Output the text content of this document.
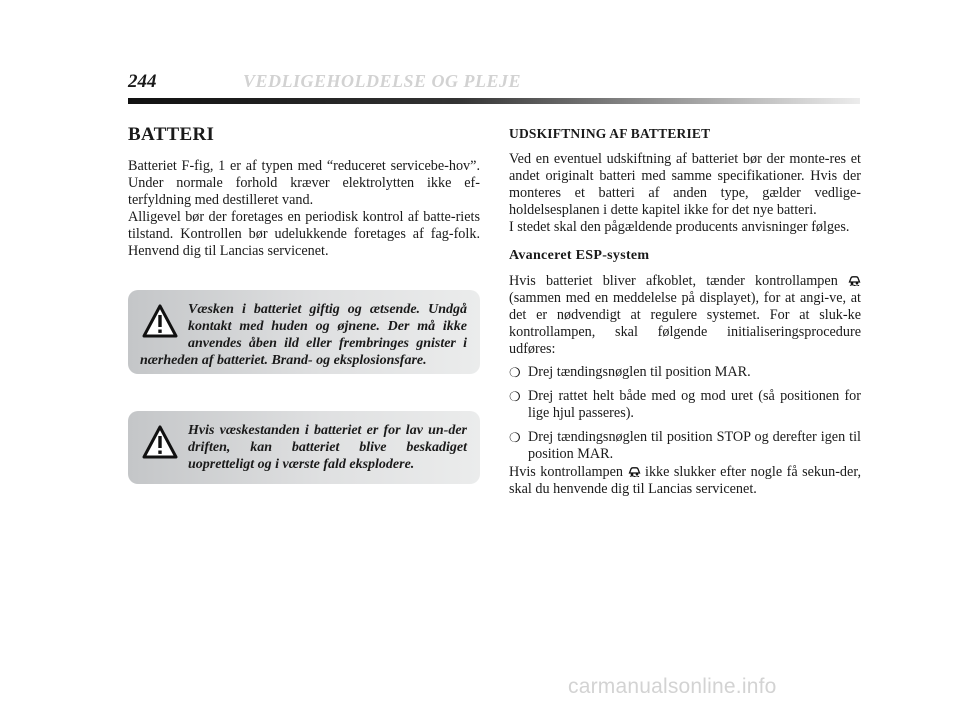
244	VEDLIGEHOLDELSE OG PLEJE
BATTERI

Batteriet F-fig, 1 er af typen med “reduceret servicebe-hov”. Under normale forhold kræver elektrolytten ikke ef-terfyldning med destilleret vand.

Alligevel bør der foretages en periodisk kontrol af batte-riets tilstand. Kontrollen bør udelukkende foretages af fag-folk. Henvend dig til Lancias servicenet.

Væsken i batteriet giftig og ætsende. Undgå kontakt med huden og øjnene. Der må ikke anvendes åben ild eller frembringes gnister i nærheden af batteriet. Brand- og eksplosionsfare.
Hvis væskestanden i batteriet er for lav un-der driften, kan batteriet blive beskadiget uopretteligt og i værste fald eksplodere.
UDSKIFTNING AF BATTERIET

Ved en eventuel udskiftning af batteriet bør der monte-res et andet originalt batteri med samme specifikationer. Hvis der monteres et batteri af anden type, gælder vedlige-holdelsesplanen i dette kapitel ikke for det nye batteri.

I stedet skal den pågældende producents anvisninger følges.

Avanceret ESP-system

Hvis batteriet bliver afkoblet, tænder kontrollampen  (sammen med en meddelelse på displayet), for at angi-ve, at det er nødvendigt at regulere systemet. For at sluk-ke kontrollampen, skal følgende initialiseringsprocedure udføres:

❍ Drej tændingsnøglen til position MAR.
❍ Drej rattet helt både med og mod uret (så positionen for lige hjul passeres).
❍ Drej tændingsnøglen til position STOP og derefter igen til position MAR.

Hvis kontrollampen ikke slukker efter nogle få sekun-der, skal du henvende dig til Lancias servicenet.

carmanualsonline.info
